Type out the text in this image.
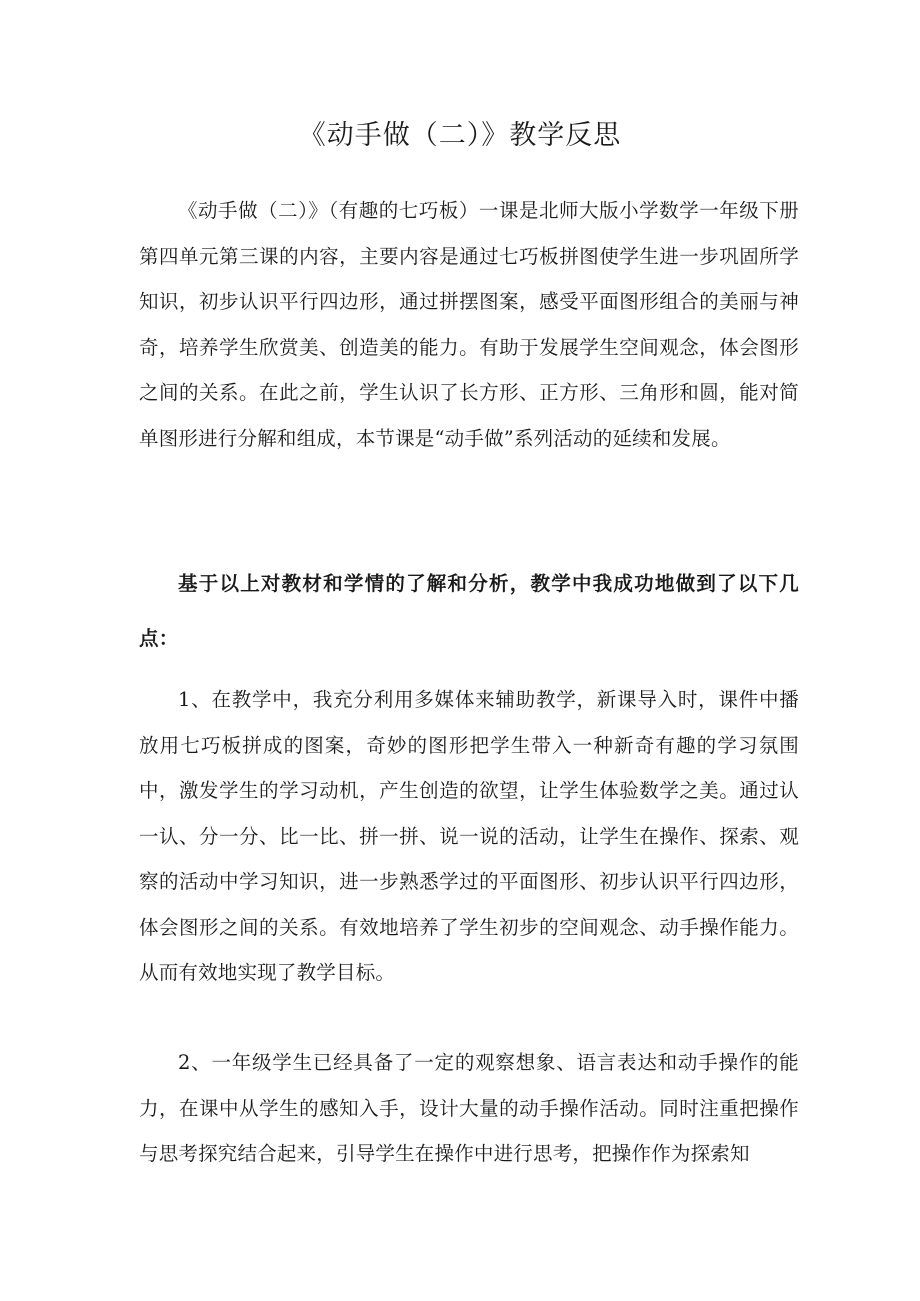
《动手做（二）》教学反思

《动手做（二）》（有趣的七巧板）一课是北师大版小学数学一年级下册第四单元第三课的内容，主要内容是通过七巧板拼图使学生进一步巩固所学知识，初步认识平行四边形，通过拼摆图案，感受平面图形组合的美丽与神奇，培养学生欣赏美、创造美的能力。有助于发展学生空间观念，体会图形之间的关系。在此之前，学生认识了长方形、正方形、三角形和圆，能对简单图形进行分解和组成，本节课是“动手做”系列活动的延续和发展。

基于以上对教材和学情的了解和分析，教学中我成功地做到了以下几点：

1、在教学中，我充分利用多媒体来辅助教学，新课导入时，课件中播放用七巧板拼成的图案，奇妙的图形把学生带入一种新奇有趣的学习氛围中，激发学生的学习动机，产生创造的欲望，让学生体验数学之美。通过认一认、分一分、比一比、拼一拼、说一说的活动，让学生在操作、探索、观察的活动中学习知识，进一步熟悉学过的平面图形、初步认识平行四边形，体会图形之间的关系。有效地培养了学生初步的空间观念、动手操作能力。从而有效地实现了教学目标。

2、一年级学生已经具备了一定的观察想象、语言表达和动手操作的能力，在课中从学生的感知入手，设计大量的动手操作活动。同时注重把操作与思考探究结合起来，引导学生在操作中进行思考，把操作作为探索知
